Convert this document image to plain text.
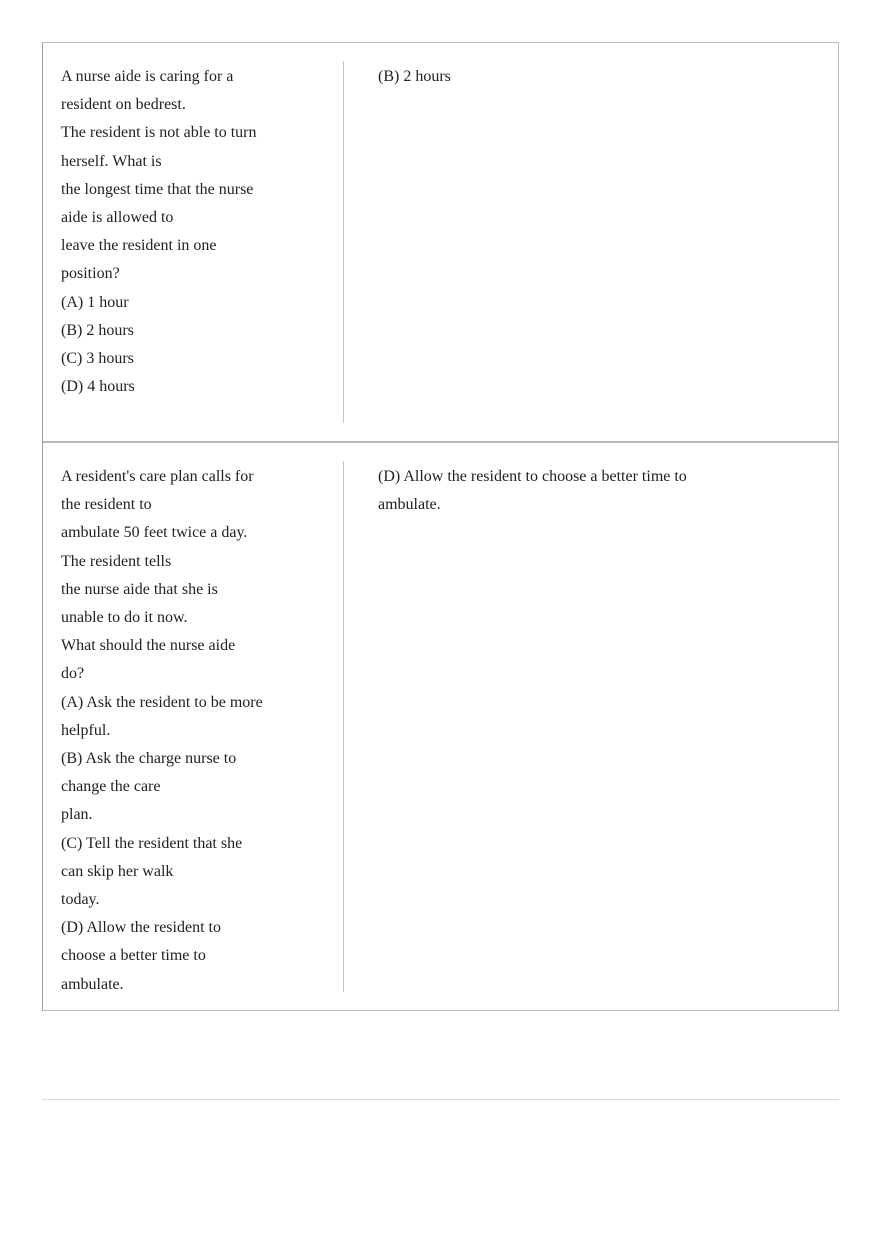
A nurse aide is caring for a
resident on bedrest.
The resident is not able to turn
herself. What is
the longest time that the nurse
aide is allowed to
leave the resident in one
position?
(A) 1 hour
(B) 2 hours
(C) 3 hours
(D) 4 hours
(B) 2 hours
A resident's care plan calls for
the resident to
ambulate 50 feet twice a day.
The resident tells
the nurse aide that she is
unable to do it now.
What should the nurse aide
do?
(A) Ask the resident to be more
helpful.
(B) Ask the charge nurse to
change the care
plan.
(C) Tell the resident that she
can skip her walk
today.
(D) Allow the resident to
choose a better time to
ambulate.
(D) Allow the resident to choose a better time to
ambulate.
